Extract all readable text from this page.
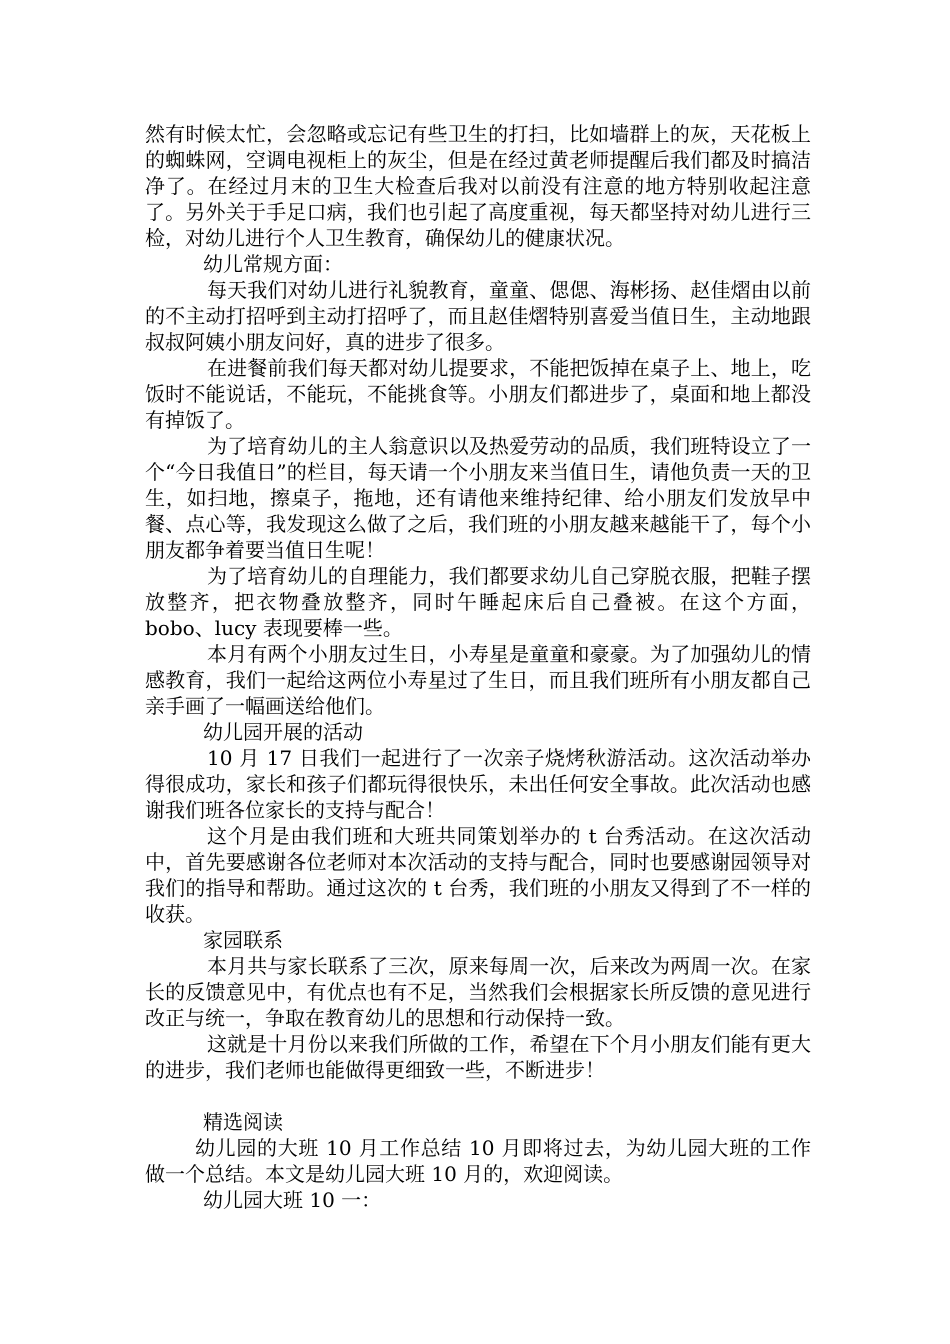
然有时候太忙，会忽略或忘记有些卫生的打扫，比如墙群上的灰，天花板上的蜘蛛网，空调电视柜上的灰尘，但是在经过黄老师提醒后我们都及时搞洁净了。在经过月末的卫生大检查后我对以前没有注意的地方特别收起注意了。另外关于手足口病，我们也引起了高度重视，每天都坚持对幼儿进行三检，对幼儿进行个人卫生教育，确保幼儿的健康状况。

幼儿常规方面：

每天我们对幼儿进行礼貌教育，童童、偲偲、海彬扬、赵佳熠由以前的不主动打招呼到主动打招呼了，而且赵佳熠特别喜爱当值日生，主动地跟叔叔阿姨小朋友问好，真的进步了很多。

在进餐前我们每天都对幼儿提要求，不能把饭掉在桌子上、地上，吃饭时不能说话，不能玩，不能挑食等。小朋友们都进步了，桌面和地上都没有掉饭了。

为了培育幼儿的主人翁意识以及热爱劳动的品质，我们班特设立了一个“今日我值日”的栏目，每天请一个小朋友来当值日生，请他负责一天的卫生，如扫地，擦桌子，拖地，还有请他来维持纪律、给小朋友们发放早中餐、点心等，我发现这么做了之后，我们班的小朋友越来越能干了，每个小朋友都争着要当值日生呢！

为了培育幼儿的自理能力，我们都要求幼儿自己穿脱衣服，把鞋子摆放整齐，把衣物叠放整齐，同时午睡起床后自己叠被。在这个方面，bobo、lucy 表现要棒一些。

本月有两个小朋友过生日，小寿星是童童和豪豪。为了加强幼儿的情感教育，我们一起给这两位小寿星过了生日，而且我们班所有小朋友都自己亲手画了一幅画送给他们。

幼儿园开展的活动

10 月 17 日我们一起进行了一次亲子烧烤秋游活动。这次活动举办得很成功，家长和孩子们都玩得很快乐，未出任何安全事故。此次活动也感谢我们班各位家长的支持与配合！

这个月是由我们班和大班共同策划举办的 t 台秀活动。在这次活动中，首先要感谢各位老师对本次活动的支持与配合，同时也要感谢园领导对我们的指导和帮助。通过这次的 t 台秀，我们班的小朋友又得到了不一样的收获。

家园联系

本月共与家长联系了三次，原来每周一次，后来改为两周一次。在家长的反馈意见中，有优点也有不足，当然我们会根据家长所反馈的意见进行改正与统一，争取在教育幼儿的思想和行动保持一致。

这就是十月份以来我们所做的工作，希望在下个月小朋友们能有更大的进步，我们老师也能做得更细致一些，不断进步！

精选阅读

幼儿园的大班 10 月工作总结 10 月即将过去，为幼儿园大班的工作做一个总结。本文是幼儿园大班 10 月的，欢迎阅读。

幼儿园大班 10 一：
